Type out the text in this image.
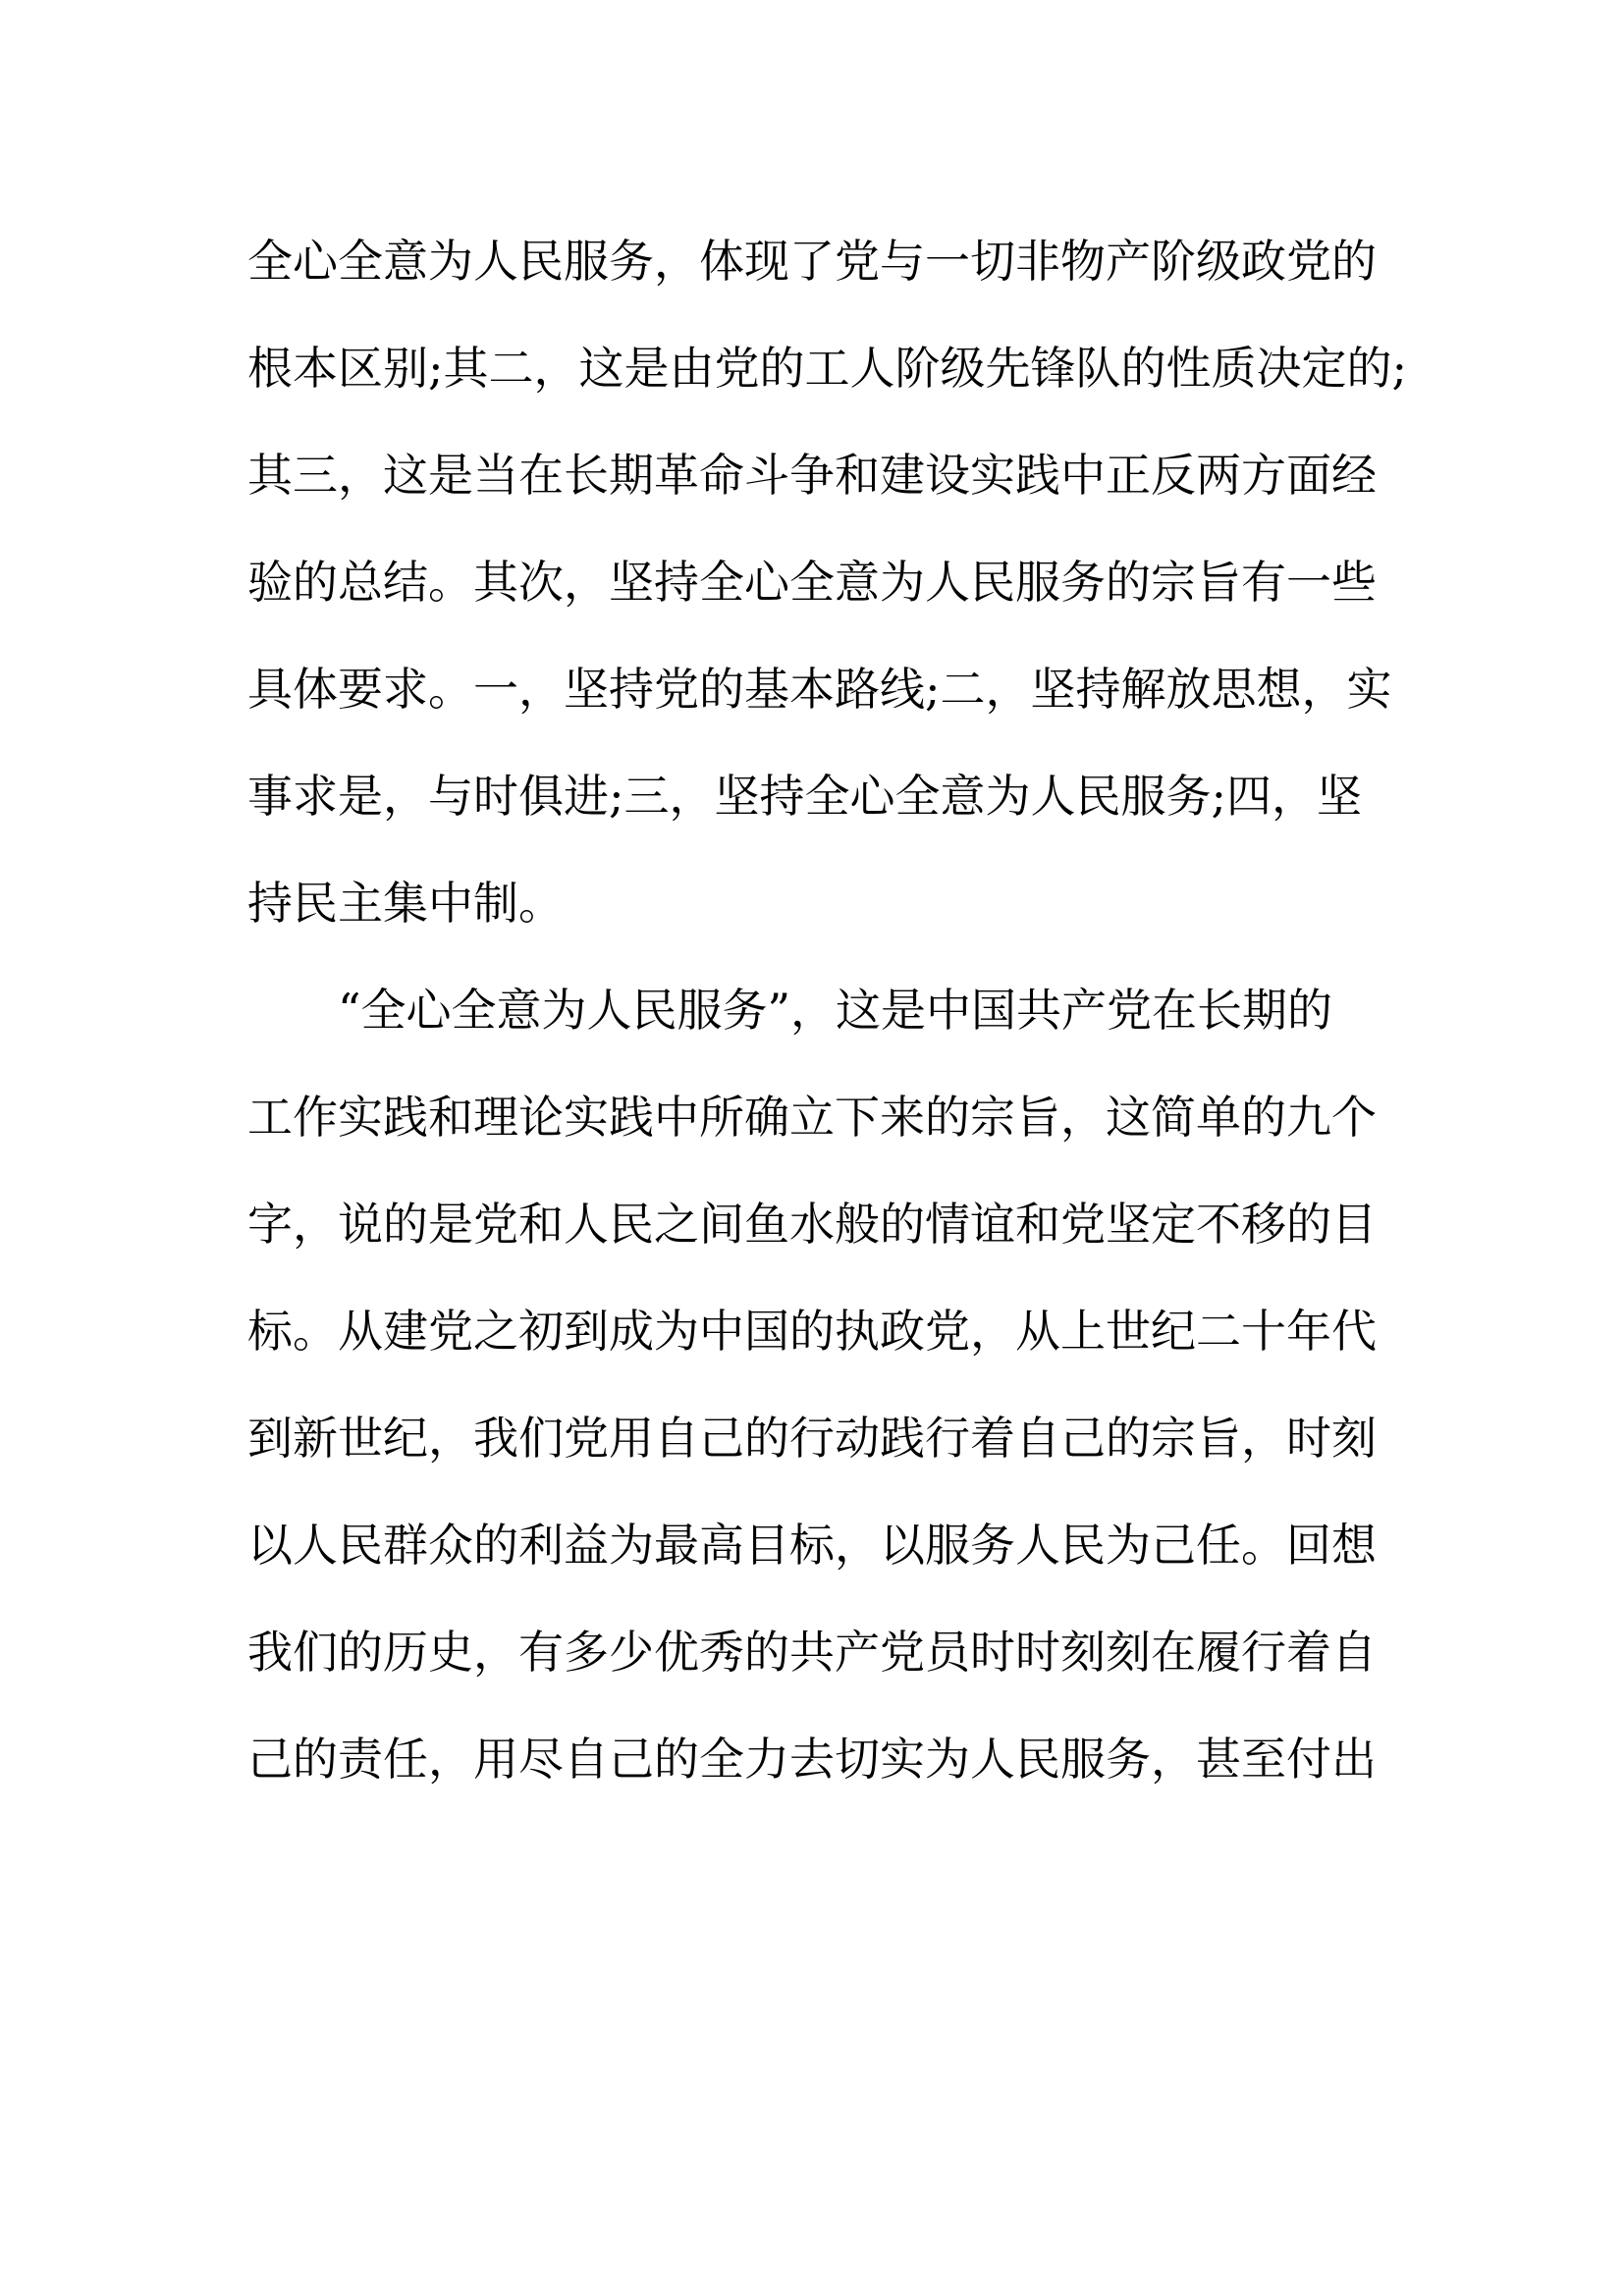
全心全意为人民服务，体现了党与一切非物产阶级政党的
根本区别;其二，这是由党的工人阶级先锋队的性质决定的;
其三，这是当在长期革命斗争和建设实践中正反两方面经
验的总结。其次，坚持全心全意为人民服务的宗旨有一些
具体要求。一，坚持党的基本路线;二，坚持解放思想，实
事求是，与时俱进;三，坚持全心全意为人民服务;四，坚
持民主集中制。
“全心全意为人民服务”，这是中国共产党在长期的
工作实践和理论实践中所确立下来的宗旨，这简单的九个
字，说的是党和人民之间鱼水般的情谊和党坚定不移的目
标。从建党之初到成为中国的执政党，从上世纪二十年代
到新世纪，我们党用自己的行动践行着自己的宗旨，时刻
以人民群众的利益为最高目标，以服务人民为己任。回想
我们的历史，有多少优秀的共产党员时时刻刻在履行着自
己的责任，用尽自己的全力去切实为人民服务，甚至付出
